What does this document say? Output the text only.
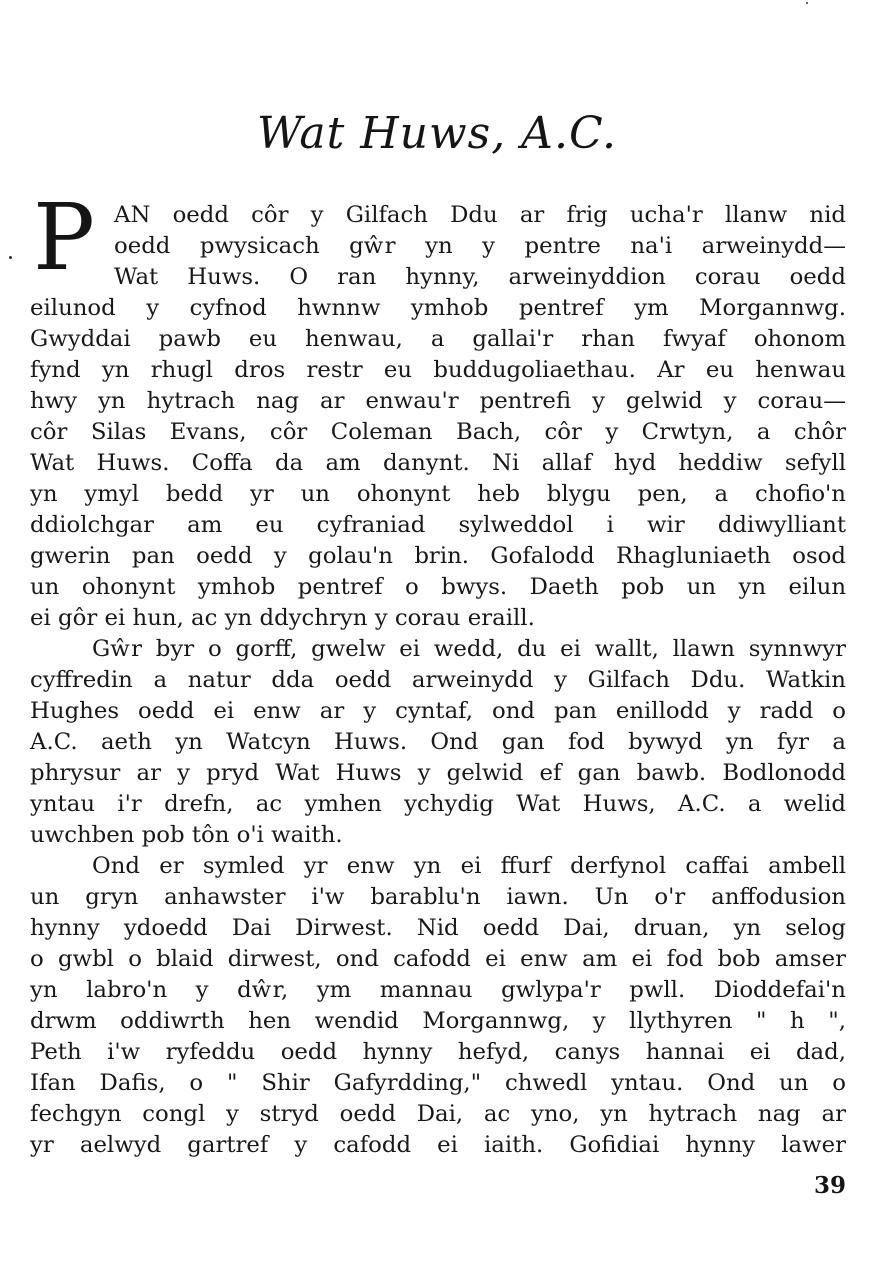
Wat Huws, A.C.
P AN oedd côr y Gilfach Ddu ar frig ucha'r llanw nid
oedd pwysicach gŵr yn y pentre na'i arweinydd—
Wat Huws. O ran hynny, arweinyddion corau oedd
eilunod y cyfnod hwnnw ymhob pentref ym Morgannwg.
Gwyddai pawb eu henwau, a gallai'r rhan fwyaf ohonom
fynd yn rhugl dros restr eu buddugoliaethau. Ar eu henwau
hwy yn hytrach nag ar enwau'r pentrefi y gelwid y corau—
côr Silas Evans, côr Coleman Bach, côr y Crwtyn, a chôr
Wat Huws. Coffa da am danynt. Ni allaf hyd heddiw sefyll
yn ymyl bedd yr un ohonynt heb blygu pen, a chofio'n
ddiolchgar am eu cyfraniad sylweddol i wir ddiwylliant
gwerin pan oedd y golau'n brin. Gofalodd Rhagluniaeth osod
un ohonynt ymhob pentref o bwys. Daeth pob un yn eilun
ei gôr ei hun, ac yn ddychryn y corau eraill.
Gŵr byr o gorff, gwelw ei wedd, du ei wallt, llawn synnwyr
cyffredin a natur dda oedd arweinydd y Gilfach Ddu. Watkin
Hughes oedd ei enw ar y cyntaf, ond pan enillodd y radd o
A.C. aeth yn Watcyn Huws. Ond gan fod bywyd yn fyr a
phrysur ar y pryd Wat Huws y gelwid ef gan bawb. Bodlonodd
yntau i'r drefn, ac ymhen ychydig Wat Huws, A.C. a welid
uwchben pob tôn o'i waith.
Ond er symled yr enw yn ei ffurf derfynol caffai ambell
un gryn anhawster i'w barablu'n iawn. Un o'r anffodusion
hynny ydoedd Dai Dirwest. Nid oedd Dai, druan, yn selog
o gwbl o blaid dirwest, ond cafodd ei enw am ei fod bob amser
yn labro'n y dŵr, ym mannau gwlypa'r pwll. Dioddefai'n
drwm oddiwrth hen wendid Morgannwg, y llythyren " h ",
Peth i'w ryfeddu oedd hynny hefyd, canys hannai ei dad,
Ifan Dafis, o " Shir Gafyrdding," chwedl yntau. Ond un o
fechgyn congl y stryd oedd Dai, ac yno, yn hytrach nag ar
yr aelwyd gartref y cafodd ei iaith. Gofidiai hynny lawer
39
